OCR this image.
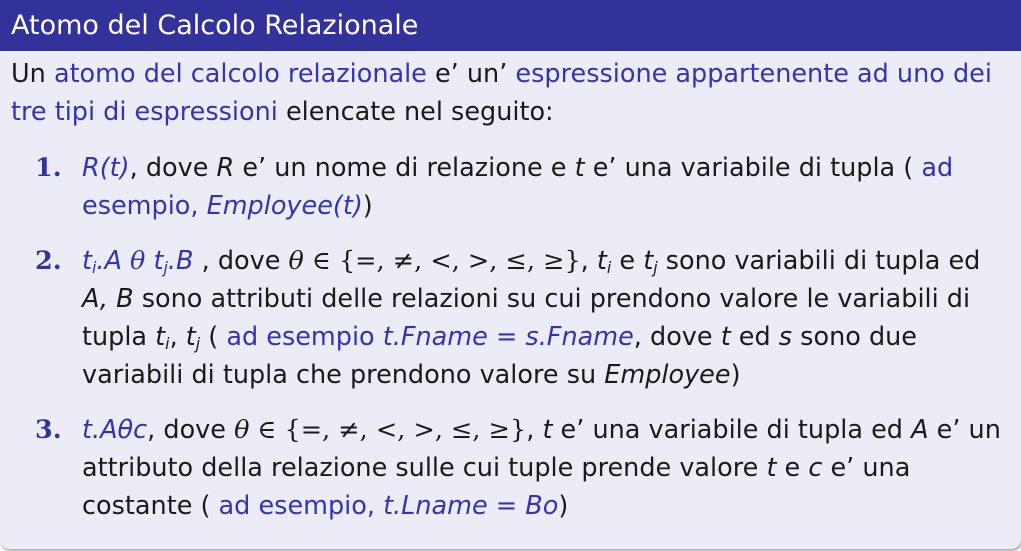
Atomo del Calcolo Relazionale

Un atomo del calcolo relazionale e’ un’ espressione appartenente ad uno dei tre tipi di espressioni elencate nel seguito:

1. R(t), dove R e’ un nome di relazione e t e’ una variabile di tupla ( ad esempio, Employee(t))
2. $t_i.A$ θ $t_j.B$ , dove θ ∈ {=, ≠, <, >, ≤, ≥}, $t_i$ e $t_j$ sono variabili di tupla ed A, B sono attributi delle relazioni su cui prendono valore le variabili di tupla $t_i$, $t_j$ ( ad esempio t.Fname = s.Fname, dove t ed s sono due variabili di tupla che prendono valore su Employee)
3. t.Aθc, dove θ ∈ {=, ≠, <, >, ≤, ≥}, t e’ una variabile di tupla ed A e’ un attributo della relazione sulle cui tuple prende valore t e c e’ una costante ( ad esempio, t.Lname = Bo)
